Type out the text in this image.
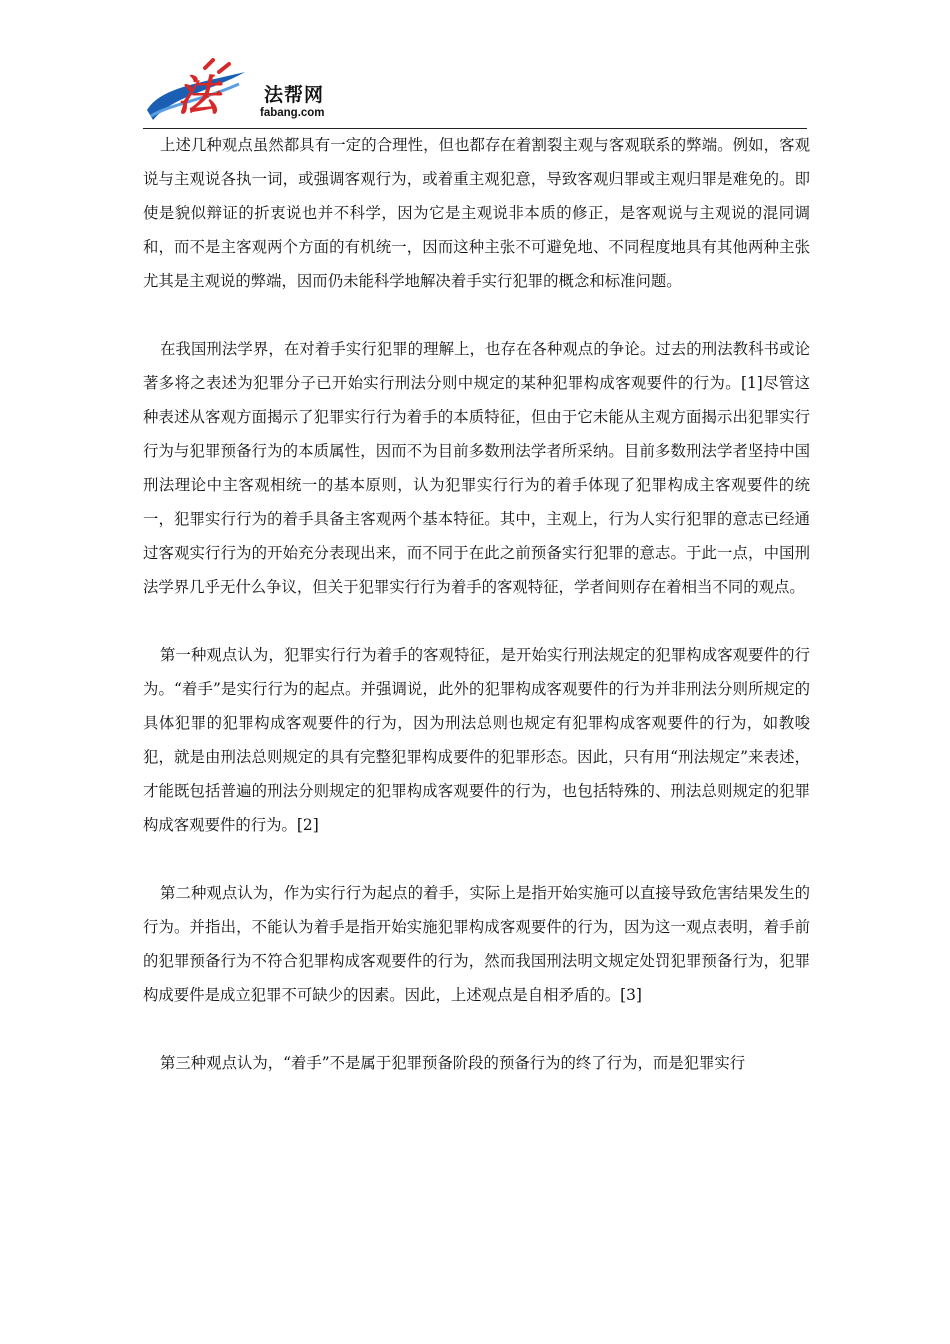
法 法帮网
fabang.com

上述几种观点虽然都具有一定的合理性，但也都存在着割裂主观与客观联系的弊端。例如，客观说与主观说各执一词，或强调客观行为，或着重主观犯意，导致客观归罪或主观归罪是难免的。即使是貌似辩证的折衷说也并不科学，因为它是主观说非本质的修正，是客观说与主观说的混同调和，而不是主客观两个方面的有机统一，因而这种主张不可避免地、不同程度地具有其他两种主张尤其是主观说的弊端，因而仍未能科学地解决着手实行犯罪的概念和标准问题。

在我国刑法学界，在对着手实行犯罪的理解上，也存在各种观点的争论。过去的刑法教科书或论著多将之表述为犯罪分子已开始实行刑法分则中规定的某种犯罪构成客观要件的行为。[1]尽管这种表述从客观方面揭示了犯罪实行行为着手的本质特征，但由于它未能从主观方面揭示出犯罪实行行为与犯罪预备行为的本质属性，因而不为目前多数刑法学者所采纳。目前多数刑法学者坚持中国刑法理论中主客观相统一的基本原则，认为犯罪实行行为的着手体现了犯罪构成主客观要件的统一，犯罪实行行为的着手具备主客观两个基本特征。其中，主观上，行为人实行犯罪的意志已经通过客观实行行为的开始充分表现出来，而不同于在此之前预备实行犯罪的意志。于此一点，中国刑法学界几乎无什么争议，但关于犯罪实行行为着手的客观特征，学者间则存在着相当不同的观点。

第一种观点认为，犯罪实行行为着手的客观特征，是开始实行刑法规定的犯罪构成客观要件的行为。“着手”是实行行为的起点。并强调说，此外的犯罪构成客观要件的行为并非刑法分则所规定的具体犯罪的犯罪构成客观要件的行为，因为刑法总则也规定有犯罪构成客观要件的行为，如教唆犯，就是由刑法总则规定的具有完整犯罪构成要件的犯罪形态。因此，只有用“刑法规定”来表述，才能既包括普遍的刑法分则规定的犯罪构成客观要件的行为，也包括特殊的、刑法总则规定的犯罪构成客观要件的行为。[2]

第二种观点认为，作为实行行为起点的着手，实际上是指开始实施可以直接导致危害结果发生的行为。并指出，不能认为着手是指开始实施犯罪构成客观要件的行为，因为这一观点表明，着手前的犯罪预备行为不符合犯罪构成客观要件的行为，然而我国刑法明文规定处罚犯罪预备行为，犯罪构成要件是成立犯罪不可缺少的因素。因此，上述观点是自相矛盾的。[3]

第三种观点认为，“着手”不是属于犯罪预备阶段的预备行为的终了行为，而是犯罪实行
